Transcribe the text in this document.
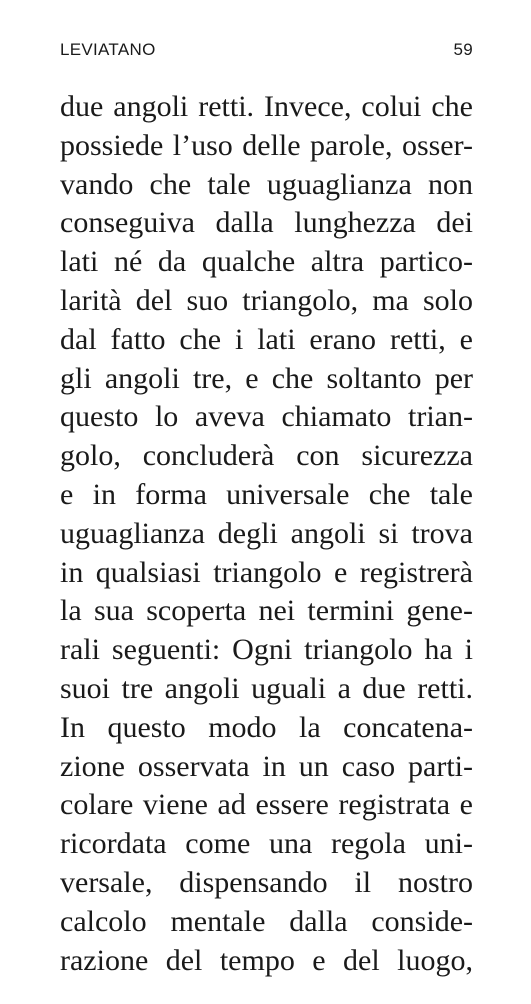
LEVIATANO	59
due angoli retti. Invece, colui che
possiede l’uso delle parole, osser-
vando che tale uguaglianza non
conseguiva dalla lunghezza dei
lati né da qualche altra partico-
larità del suo triangolo, ma solo
dal fatto che i lati erano retti, e
gli angoli tre, e che soltanto per
questo lo aveva chiamato trian-
golo, concluderà con sicurezza
e in forma universale che tale
uguaglianza degli angoli si trova
in qualsiasi triangolo e registrerà
la sua scoperta nei termini gene-
rali seguenti: Ogni triangolo ha i
suoi tre angoli uguali a due retti.
In questo modo la concatena-
zione osservata in un caso parti-
colare viene ad essere registrata e
ricordata come una regola uni-
versale, dispensando il nostro
calcolo mentale dalla conside-
razione del tempo e del luogo,
